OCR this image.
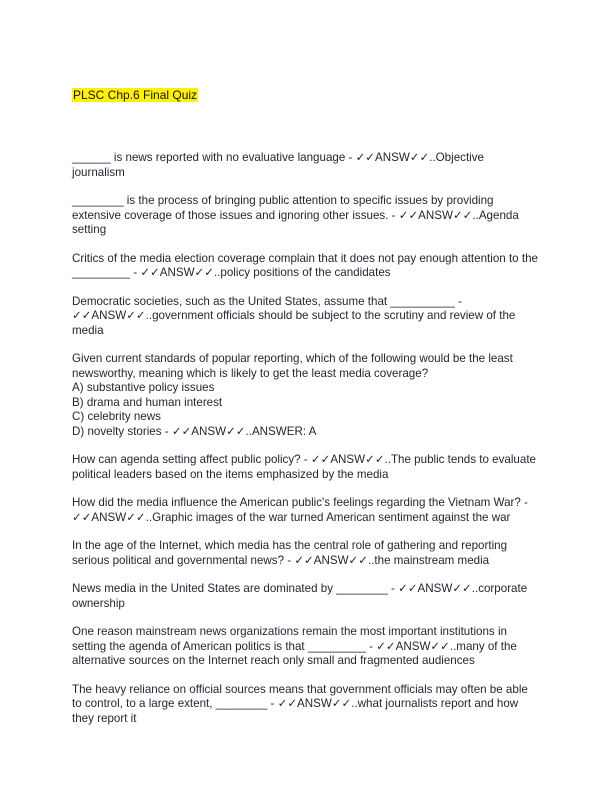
PLSC Chp.6 Final Quiz

______ is news reported with no evaluative language - ✓✓ANSW✓✓..Objective journalism

________ is the process of bringing public attention to specific issues by providing extensive coverage of those issues and ignoring other issues. - ✓✓ANSW✓✓..Agenda setting

Critics of the media election coverage complain that it does not pay enough attention to the _________ - ✓✓ANSW✓✓..policy positions of the candidates

Democratic societies, such as the United States, assume that __________ - ✓✓ANSW✓✓..government officials should be subject to the scrutiny and review of the media

Given current standards of popular reporting, which of the following would be the least newsworthy, meaning which is likely to get the least media coverage?
A) substantive policy issues
B) drama and human interest
C) celebrity news
D) novelty stories - ✓✓ANSW✓✓..ANSWER: A

How can agenda setting affect public policy? - ✓✓ANSW✓✓..The public tends to evaluate political leaders based on the items emphasized by the media

How did the media influence the American public's feelings regarding the Vietnam War? - ✓✓ANSW✓✓..Graphic images of the war turned American sentiment against the war

In the age of the Internet, which media has the central role of gathering and reporting serious political and governmental news? - ✓✓ANSW✓✓..the mainstream media

News media in the United States are dominated by ________ - ✓✓ANSW✓✓..corporate ownership

One reason mainstream news organizations remain the most important institutions in setting the agenda of American politics is that _________ - ✓✓ANSW✓✓..many of the alternative sources on the Internet reach only small and fragmented audiences

The heavy reliance on official sources means that government officials may often be able to control, to a large extent, ________ - ✓✓ANSW✓✓..what journalists report and how they report it
